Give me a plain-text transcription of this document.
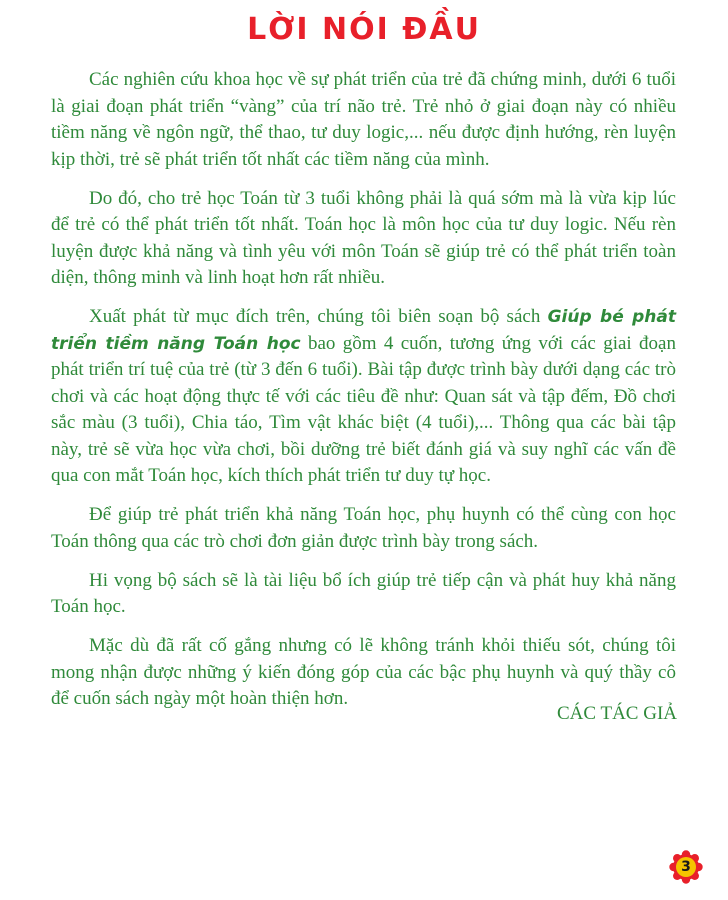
LỜI NÓI ĐẦU

Các nghiên cứu khoa học về sự phát triển của trẻ đã chứng minh, dưới 6 tuổi là giai đoạn phát triển “vàng” của trí não trẻ. Trẻ nhỏ ở giai đoạn này có nhiều tiềm năng về ngôn ngữ, thể thao, tư duy logic,... nếu được định hướng, rèn luyện kịp thời, trẻ sẽ phát triển tốt nhất các tiềm năng của mình.

Do đó, cho trẻ học Toán từ 3 tuổi không phải là quá sớm mà là vừa kịp lúc để trẻ có thể phát triển tốt nhất. Toán học là môn học của tư duy logic. Nếu rèn luyện được khả năng và tình yêu với môn Toán sẽ giúp trẻ có thể phát triển toàn diện, thông minh và linh hoạt hơn rất nhiều.

Xuất phát từ mục đích trên, chúng tôi biên soạn bộ sách Giúp bé phát triển tiềm năng Toán học bao gồm 4 cuốn, tương ứng với các giai đoạn phát triển trí tuệ của trẻ (từ 3 đến 6 tuổi). Bài tập được trình bày dưới dạng các trò chơi và các hoạt động thực tế với các tiêu đề như: Quan sát và tập đếm, Đồ chơi sắc màu (3 tuổi), Chia táo, Tìm vật khác biệt (4 tuổi),... Thông qua các bài tập này, trẻ sẽ vừa học vừa chơi, bồi dưỡng trẻ biết đánh giá và suy nghĩ các vấn đề qua con mắt Toán học, kích thích phát triển tư duy tự học.

Để giúp trẻ phát triển khả năng Toán học, phụ huynh có thể cùng con học Toán thông qua các trò chơi đơn giản được trình bày trong sách.

Hi vọng bộ sách sẽ là tài liệu bổ ích giúp trẻ tiếp cận và phát huy khả năng Toán học.

Mặc dù đã rất cố gắng nhưng có lẽ không tránh khỏi thiếu sót, chúng tôi mong nhận được những ý kiến đóng góp của các bậc phụ huynh và quý thầy cô để cuốn sách ngày một hoàn thiện hơn.

CÁC TÁC GIẢ
3
